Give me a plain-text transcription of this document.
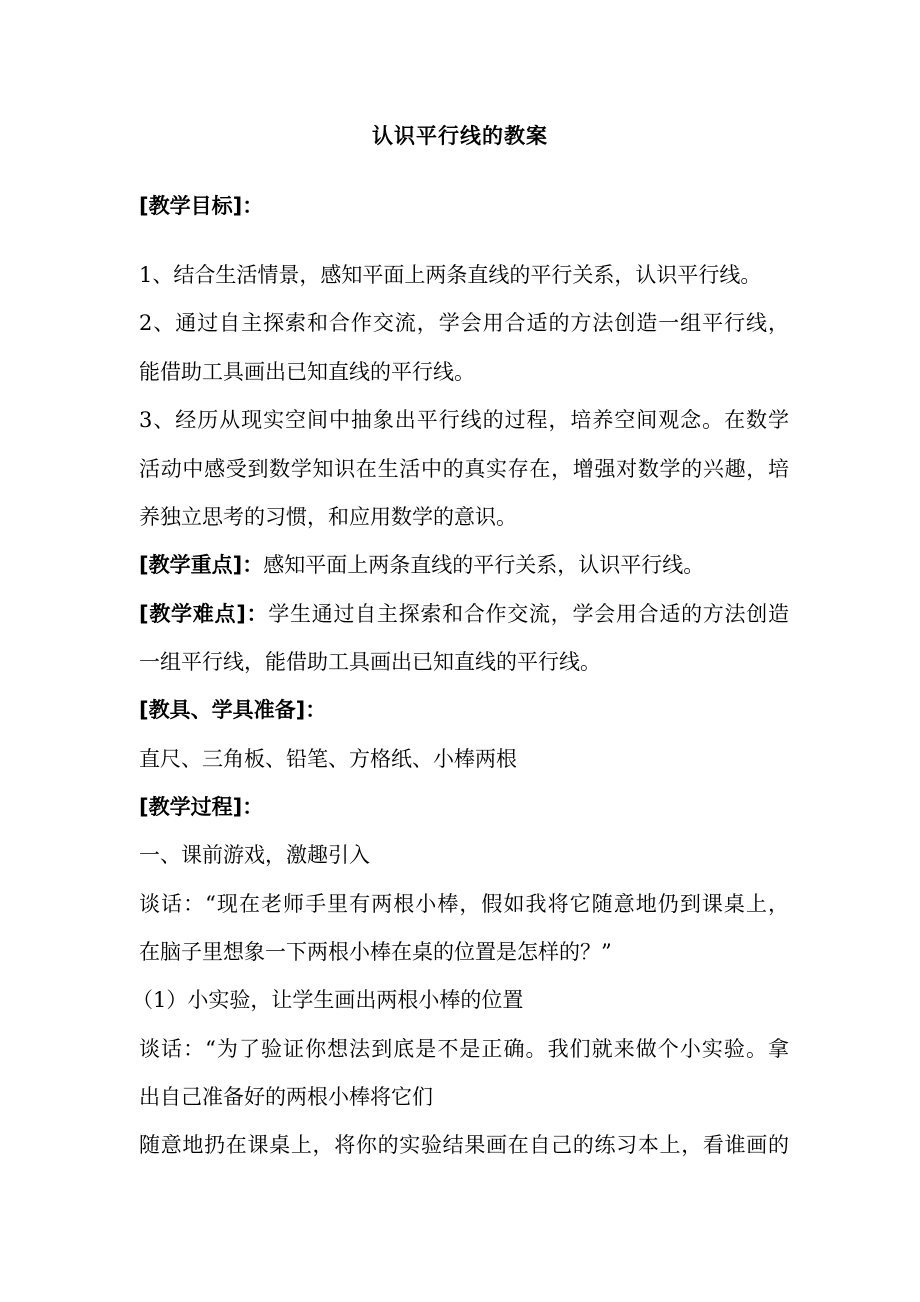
认识平行线的教案
[教学目标]：
1、结合生活情景，感知平面上两条直线的平行关系，认识平行线。
2、通过自主探索和合作交流，学会用合适的方法创造一组平行线，
能借助工具画出已知直线的平行线。
3、经历从现实空间中抽象出平行线的过程，培养空间观念。在数学
活动中感受到数学知识在生活中的真实存在，增强对数学的兴趣，培
养独立思考的习惯，和应用数学的意识。
[教学重点]：感知平面上两条直线的平行关系，认识平行线。
[教学难点]：学生通过自主探索和合作交流，学会用合适的方法创造
一组平行线，能借助工具画出已知直线的平行线。
[教具、学具准备]：
直尺、三角板、铅笔、方格纸、小棒两根
[教学过程]：
一、课前游戏，激趣引入
谈话：“现在老师手里有两根小棒，假如我将它随意地仍到课桌上，
在脑子里想象一下两根小棒在桌的位置是怎样的？”
（1）小实验，让学生画出两根小棒的位置
谈话：“为了验证你想法到底是不是正确。我们就来做个小实验。拿
出自己准备好的两根小棒将它们
随意地扔在课桌上，将你的实验结果画在自己的练习本上，看谁画的
